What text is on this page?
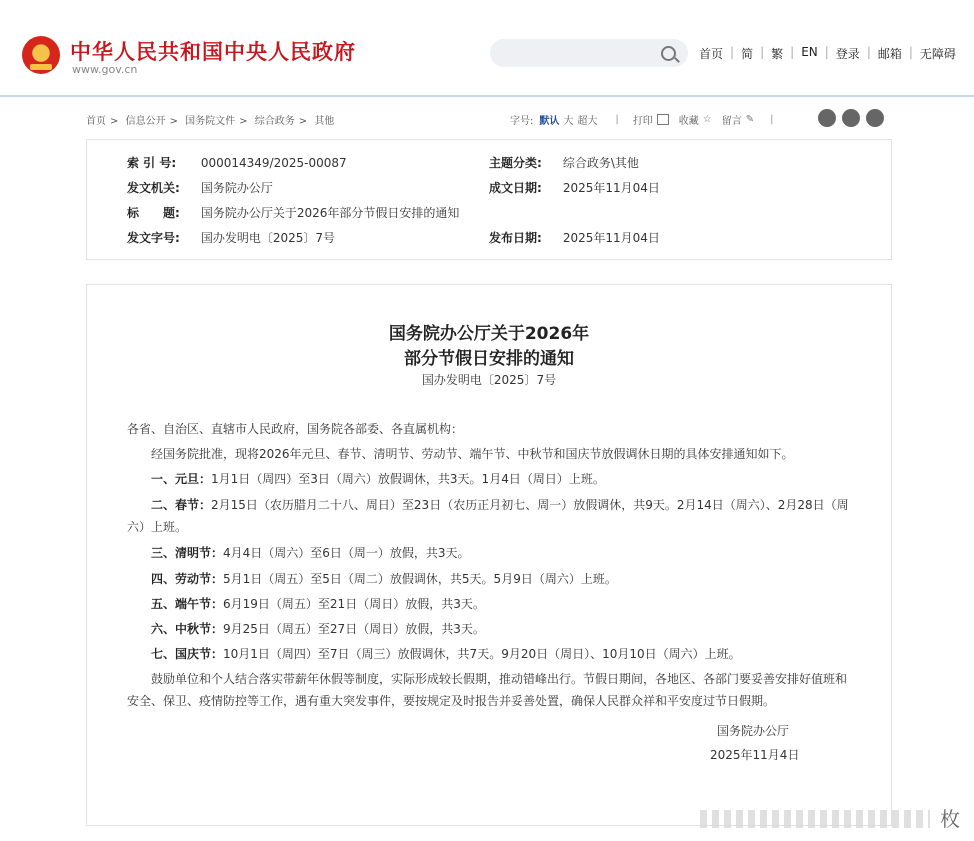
中华人民共和国中央人民政府
www.gov.cn
首页 | 简 | 繁 | EN | 登录 | 邮箱 | 无障碍
首页 > 信息公开 > 国务院文件 > 综合政务 > 其他	字号: 默认 大 超大 | 打印	收藏 ☆ 留言 ✎ |
索 引 号: 000014349/2025-00087	主题分类: 综合政务\其他
发文机关: 国务院办公厅	成文日期: 2025年11月04日
标　　题: 国务院办公厅关于2026年部分节假日安排的通知
发文字号: 国办发明电〔2025〕7号	发布日期: 2025年11月04日
国务院办公厅关于2026年
部分节假日安排的通知
国办发明电〔2025〕7号
各省、自治区、直辖市人民政府，国务院各部委、各直属机构：
经国务院批准，现将2026年元旦、春节、清明节、劳动节、端午节、中秋节和国庆节放假调休日期的具体安排通知如下。
一、元旦：1月1日（周四）至3日（周六）放假调休，共3天。1月4日（周日）上班。
二、春节：2月15日（农历腊月二十八、周日）至23日（农历正月初七、周一）放假调休，共9天。2月14日（周六）、2月28日（周六）上班。
三、清明节：4月4日（周六）至6日（周一）放假，共3天。
四、劳动节：5月1日（周五）至5日（周二）放假调休，共5天。5月9日（周六）上班。
五、端午节：6月19日（周五）至21日（周日）放假，共3天。
六、中秋节：9月25日（周五）至27日（周日）放假，共3天。
七、国庆节：10月1日（周四）至7日（周三）放假调休，共7天。9月20日（周日）、10月10日（周六）上班。
鼓励单位和个人结合落实带薪年休假等制度，实际形成较长假期，推动错峰出行。节假日期间，各地区、各部门要妥善安排好值班和安全、保卫、疫情防控等工作，遇有重大突发事件，要按规定及时报告并妥善处置，确保人民群众祥和平安度过节日假期。
国务院办公厅
2025年11月4日
枚
